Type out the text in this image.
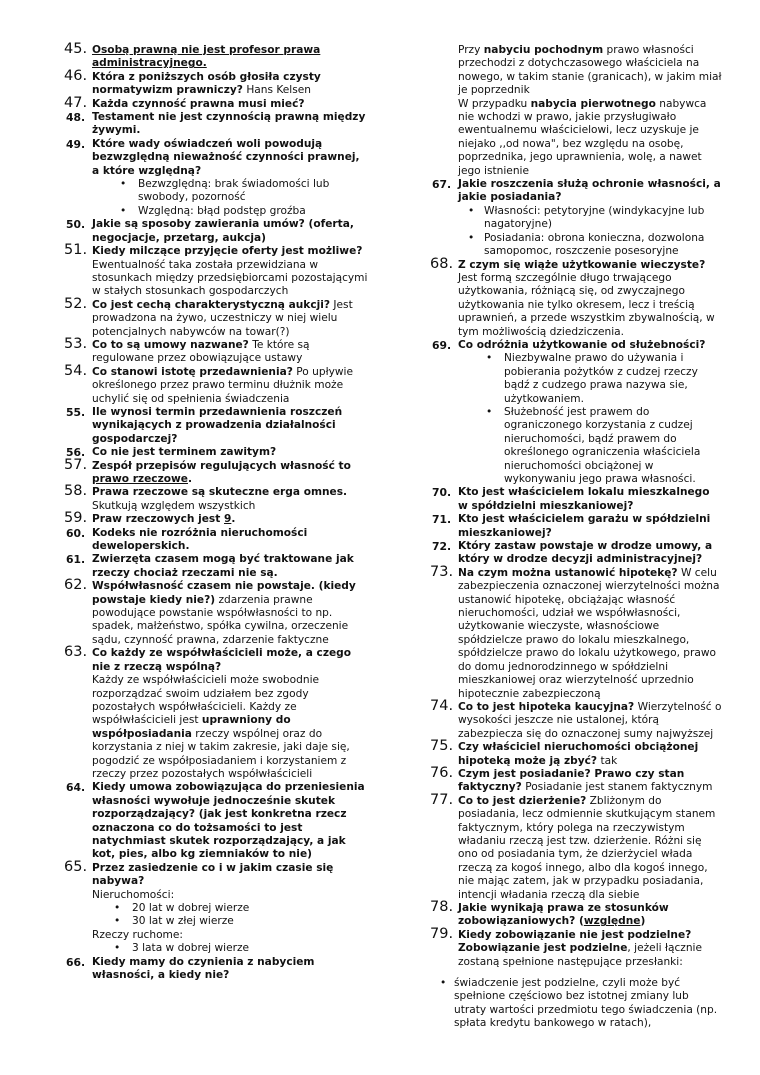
45. Osobą prawną nie jest profesor prawa administracyjnego.
46. Która z poniższych osób głosiła czysty normatywizm prawniczy? Hans Kelsen
47. Każda czynność prawna musi mieć?
48. Testament nie jest czynnością prawną między żywymi.
49. Które wady oświadczeń woli powodują bezwzględną nieważność czynności prawnej, a które względną?
• Bezwzględną: brak świadomości lub swobody, pozorność
• Względną: błąd podstęp groźba
50. Jakie są sposoby zawierania umów? (oferta, negocjacje, przetarg, aukcja)
51. Kiedy milczące przyjęcie oferty jest możliwe? Ewentualność taka została przewidziana w stosunkach między przedsiębiorcami pozostającymi w stałych stosunkach gospodarczych
52. Co jest cechą charakterystyczną aukcji? Jest prowadzona na żywo, uczestniczy w niej wielu potencjalnych nabywców na towar(?)
53. Co to są umowy nazwane? Te które są regulowane przez obowiązujące ustawy
54. Co stanowi istotę przedawnienia? Po upływie określonego przez prawo terminu dłużnik może uchylić się od spełnienia świadczenia
55. Ile wynosi termin przedawnienia roszczeń wynikających z prowadzenia działalności gospodarczej?
56. Co nie jest terminem zawitym?
57. Zespół przepisów regulujących własność to prawo rzeczowe.
58. Prawa rzeczowe są skuteczne erga omnes.
Skutkują względem wszystkich
59. Praw rzeczowych jest 9.
60. Kodeks nie rozróżnia nieruchomości deweloperskich.
61. Zwierzęta czasem mogą być traktowane jak rzeczy chociaż rzeczami nie są.
62. Współwłasność czasem nie powstaje. (kiedy powstaje kiedy nie?) zdarzenia prawne powodujące powstanie współwłasności to np. spadek, małżeństwo, spółka cywilna, orzeczenie sądu, czynność prawna, zdarzenie faktyczne
63. Co każdy ze współwłaścicieli może, a czego nie z rzeczą wspólną?
Każdy ze współwłaścicieli może swobodnie rozporządzać swoim udziałem bez zgody pozostałych współwłaścicieli. Każdy ze współwłaścicieli jest uprawniony do współposiadania rzeczy wspólnej oraz do korzystania z niej w takim zakresie, jaki daje się, pogodzić ze współposiadaniem i korzystaniem z rzeczy przez pozostałych współwłaścicieli
64. Kiedy umowa zobowiązująca do przeniesienia własności wywołuje jednocześnie skutek rozporządzający? (jak jest konkretna rzecz oznaczona co do tożsamości to jest natychmiast skutek rozporządzający, a jak kot, pies, albo kg ziemniaków to nie)
65. Przez zasiedzenie co i w jakim czasie się nabywa?
Nieruchomości:
• 20 lat w dobrej wierze
• 30 lat w złej wierze
Rzeczy ruchome:
• 3 lata w dobrej wierze
66. Kiedy mamy do czynienia z nabyciem własności, a kiedy nie?
Przy nabyciu pochodnym prawo własności przechodzi z dotychczasowego właściciela na nowego, w takim stanie (granicach), w jakim miał je poprzednik
W przypadku nabycia pierwotnego nabywca nie wchodzi w prawo, jakie przysługiwało ewentualnemu właścicielowi, lecz uzyskuje je niejako ,,od nowa", bez względu na osobę, poprzednika, jego uprawnienia, wolę, a nawet jego istnienie
67. Jakie roszczenia służą ochronie własności, a jakie posiadania?
• Własności: petytoryjne (windykacyjne lub nagatoryjne)
• Posiadania: obrona konieczna, dozwolona samopomoc, roszczenie posesoryjne
68. Z czym się wiąże użytkowanie wieczyste? Jest formą szczególnie długo trwającego użytkowania, różniącą się, od zwyczajnego użytkowania nie tylko okresem, lecz i treścią uprawnień, a przede wszystkim zbywalnością, w tym możliwością dziedziczenia.
69. Co odróżnia użytkowanie od służebności?
• Niezbywalne prawo do używania i pobierania pożytków z cudzej rzeczy bądź z cudzego prawa nazywa sie, użytkowaniem.
• Służebność jest prawem do ograniczonego korzystania z cudzej nieruchomości, bądź prawem do określonego ograniczenia właściciela nieruchomości obciążonej w wykonywaniu jego prawa własności.
70. Kto jest właścicielem lokalu mieszkalnego w spółdzielni mieszkaniowej?
71. Kto jest właścicielem garażu w spółdzielni mieszkaniowej?
72. Który zastaw powstaje w drodze umowy, a który w drodze decyzji administracyjnej?
73. Na czym można ustanowić hipotekę? W celu zabezpieczenia oznaczonej wierzytelności można ustanowić hipotekę, obciążając własność nieruchomości, udział we współwłasności, użytkowanie wieczyste, własnościowe spółdzielcze prawo do lokalu mieszkalnego, spółdzielcze prawo do lokalu użytkowego, prawo do domu jednorodzinnego w spółdzielni mieszkaniowej oraz wierzytelność uprzednio hipotecznie zabezpieczoną
74. Co to jest hipoteka kaucyjna? Wierzytelność o wysokości jeszcze nie ustalonej, którą zabezpiecza się do oznaczonej sumy najwyższej
75. Czy właściciel nieruchomości obciążonej hipoteką może ją zbyć? tak
76. Czym jest posiadanie? Prawo czy stan faktyczny? Posiadanie jest stanem faktycznym
77. Co to jest dzierżenie? Zbliżonym do posiadania, lecz odmiennie skutkującym stanem faktycznym, który polega na rzeczywistym władaniu rzeczą jest tzw. dzierżenie. Różni się ono od posiadania tym, że dzierżyciel włada rzeczą za kogoś innego, albo dla kogoś innego, nie mając zatem, jak w przypadku posiadania, intencji władania rzeczą dla siebie
78. Jakie wynikają prawa ze stosunków zobowiązaniowych? (względne)
79. Kiedy zobowiązanie nie jest podzielne? Zobowiązanie jest podzielne, jeżeli łącznie zostaną spełnione następujące przesłanki:
• świadczenie jest podzielne, czyli może być spełnione częściowo bez istotnej zmiany lub utraty wartości przedmiotu tego świadczenia (np. spłata kredytu bankowego w ratach),
